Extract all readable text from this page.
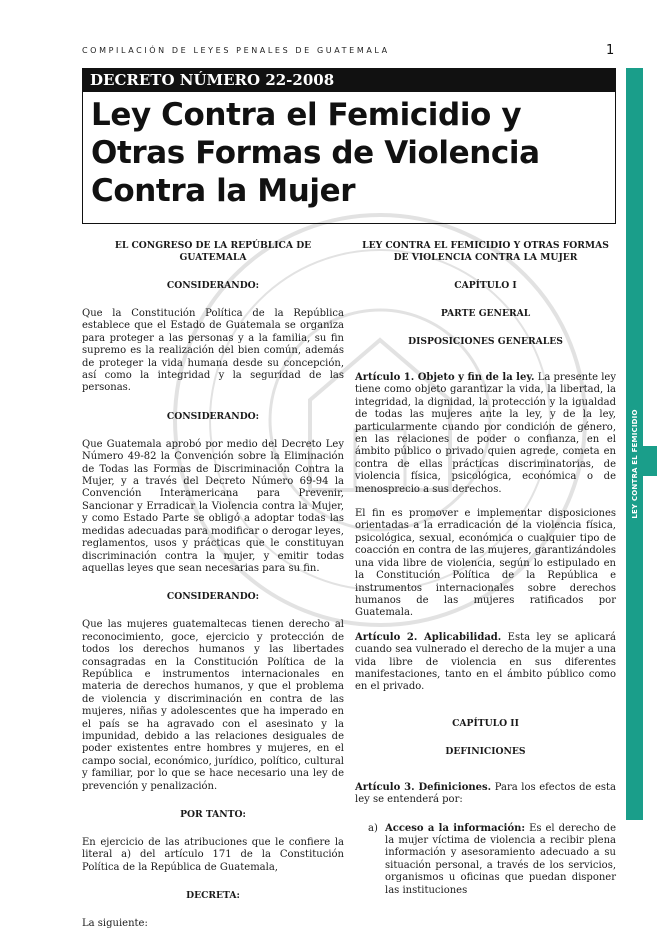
COMPILACIÓN DE LEYES PENALES DE GUATEMALA	1
DECRETO NÚMERO 22-2008
Ley Contra el Femicidio y
Otras Formas de Violencia
Contra la Mujer
LEY CONTRA EL FEMICIDIO

EL CONGRESO DE LA REPÚBLICA DE GUATEMALA

CONSIDERANDO:

Que la Constitución Política de la República establece que el Estado de Guatemala se organiza para proteger a las personas y a la familia, su fin supremo es la realización del bien común, además de proteger la vida humana desde su concepción, así como la integridad y la seguridad de las personas.

CONSIDERANDO:

Que Guatemala aprobó por medio del Decreto Ley Número 49-82 la Convención sobre la Eliminación de Todas las Formas de Discriminación Contra la Mujer, y a través del Decreto Número 69-94 la Convención Interamericana para Prevenir, Sancionar y Erradicar la Violencia contra la Mujer, y como Estado Parte se obligó a adoptar todas las medidas adecuadas para modificar o derogar leyes, reglamentos, usos y prácticas que le constituyan discriminación contra la mujer, y emitir todas aquellas leyes que sean necesarias para su fin.

CONSIDERANDO:

Que las mujeres guatemaltecas tienen derecho al reconocimiento, goce, ejercicio y protección de todos los derechos humanos y las libertades consagradas en la Constitución Política de la República e instrumentos internacionales en materia de derechos humanos, y que el problema de violencia y discriminación en contra de las mujeres, niñas y adolescentes que ha imperado en el país se ha agravado con el asesinato y la impunidad, debido a las relaciones desiguales de poder existentes entre hombres y mujeres, en el campo social, económico, jurídico, político, cultural y familiar, por lo que se hace necesario una ley de prevención y penalización.

POR TANTO:

En ejercicio de las atribuciones que le confiere la literal a) del artículo 171 de la Constitución Política de la República de Guatemala,

DECRETA:

La siguiente:

LEY CONTRA EL FEMICIDIO Y OTRAS FORMAS DE VIOLENCIA CONTRA LA MUJER

CAPÍTULO I

PARTE GENERAL

DISPOSICIONES GENERALES

Artículo 1. Objeto y fin de la ley. La presente ley tiene como objeto garantizar la vida, la libertad, la integridad, la dignidad, la protección y la igualdad de todas las mujeres ante la ley, y de la ley, particularmente cuando por condición de género, en las relaciones de poder o confianza, en el ámbito público o privado quien agrede, cometa en contra de ellas prácticas discriminatorias, de violencia física, psicológica, económica o de menosprecio a sus derechos.

El fin es promover e implementar disposiciones orientadas a la erradicación de la violencia física, psicológica, sexual, económica o cualquier tipo de coacción en contra de las mujeres, garantizándoles una vida libre de violencia, según lo estipulado en la Constitución Política de la República e instrumentos internacionales sobre derechos humanos de las mujeres ratificados por Guatemala.

Artículo 2. Aplicabilidad. Esta ley se aplicará cuando sea vulnerado el derecho de la mujer a una vida libre de violencia en sus diferentes manifestaciones, tanto en el ámbito público como en el privado.

CAPÍTULO II

DEFINICIONES

Artículo 3. Definiciones. Para los efectos de esta ley se entenderá por:

a) Acceso a la información: Es el derecho de la mujer víctima de violencia a recibir plena información y asesoramiento adecuado a su situación personal, a través de los servicios, organismos u oficinas que puedan disponer las instituciones
